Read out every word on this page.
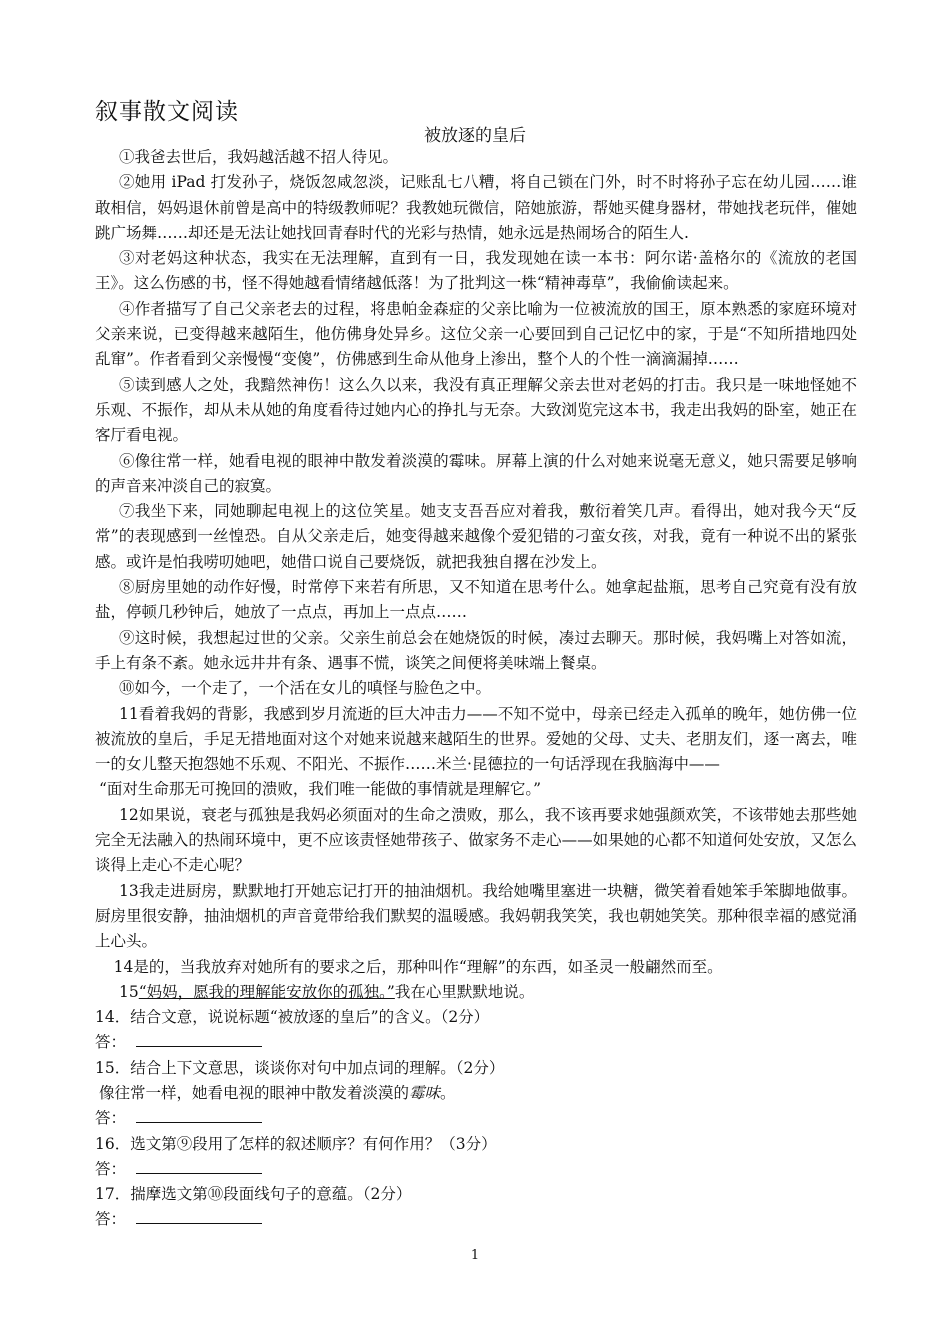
叙事散文阅读
被放逐的皇后

①我爸去世后，我妈越活越不招人待见。

②她用 iPad 打发孙子，烧饭忽咸忽淡，记账乱七八糟，将自己锁在门外，时不时将孙子忘在幼儿园……谁敢相信，妈妈退休前曾是高中的特级教师呢？我教她玩微信，陪她旅游，帮她买健身器材，带她找老玩伴，催她跳广场舞……却还是无法让她找回青春时代的光彩与热情，她永远是热闹场合的陌生人.

③对老妈这种状态，我实在无法理解，直到有一日，我发现她在读一本书：阿尔诺·盖格尔的《流放的老国王》。这么伤感的书，怪不得她越看情绪越低落！为了批判这一株“精神毒草”，我偷偷读起来。

④作者描写了自己父亲老去的过程，将患帕金森症的父亲比喻为一位被流放的国王，原本熟悉的家庭环境对父亲来说，已变得越来越陌生，他仿佛身处异乡。这位父亲一心要回到自己记忆中的家，于是“不知所措地四处乱窜”。作者看到父亲慢慢“变傻”，仿佛感到生命从他身上渗出，整个人的个性一滴滴漏掉……

⑤读到感人之处，我黯然神伤！这么久以来，我没有真正理解父亲去世对老妈的打击。我只是一味地怪她不乐观、不振作，却从未从她的角度看待过她内心的挣扎与无奈。大致浏览完这本书，我走出我妈的卧室，她正在客厅看电视。

⑥像往常一样，她看电视的眼神中散发着淡漠的霉味。屏幕上演的什么对她来说毫无意义，她只需要足够响的声音来冲淡自己的寂寞。

⑦我坐下来，同她聊起电视上的这位笑星。她支支吾吾应对着我，敷衍着笑几声。看得出，她对我今天“反常”的表现感到一丝惶恐。自从父亲走后，她变得越来越像个爱犯错的刁蛮女孩，对我，竟有一种说不出的紧张感。或许是怕我唠叨她吧，她借口说自己要烧饭，就把我独自撂在沙发上。

⑧厨房里她的动作好慢，时常停下来若有所思，又不知道在思考什么。她拿起盐瓶，思考自己究竟有没有放盐，停顿几秒钟后，她放了一点点，再加上一点点……

⑨这时候，我想起过世的父亲。父亲生前总会在她烧饭的时候，凑过去聊天。那时候，我妈嘴上对答如流，手上有条不紊。她永远井井有条、遇事不慌，谈笑之间便将美味端上餐桌。

⑩如今，一个走了，一个活在女儿的嗔怪与脸色之中。

11看着我妈的背影，我感到岁月流逝的巨大冲击力——不知不觉中，母亲已经走入孤单的晚年，她仿佛一位被流放的皇后，手足无措地面对这个对她来说越来越陌生的世界。爱她的父母、丈夫、老朋友们，逐一离去，唯一的女儿整天抱怨她不乐观、不阳光、不振作……米兰·昆德拉的一句话浮现在我脑海中——

“面对生命那无可挽回的溃败，我们唯一能做的事情就是理解它。”

12如果说，衰老与孤独是我妈必须面对的生命之溃败，那么，我不该再要求她强颜欢笑，不该带她去那些她完全无法融入的热闹环境中，更不应该责怪她带孩子、做家务不走心——如果她的心都不知道何处安放，又怎么谈得上走心不走心呢？

13我走进厨房，默默地打开她忘记打开的抽油烟机。我给她嘴里塞进一块糖，微笑着看她笨手笨脚地做事。厨房里很安静，抽油烟机的声音竟带给我们默契的温暖感。我妈朝我笑笑，我也朝她笑笑。那种很幸福的感觉涌上心头。

14是的，当我放弃对她所有的要求之后，那种叫作“理解”的东西，如圣灵一般翩然而至。

15“妈妈，愿我的理解能安放你的孤独。”我在心里默默地说。

14．结合文意，说说标题“被放逐的皇后”的含义。（2分）

答：

15．结合上下文意思，谈谈你对句中加点词的理解。（2分）

像往常一样，她看电视的眼神中散发着淡漠的霉味。

答：

16．选文第⑨段用了怎样的叙述顺序？有何作用？（3分）

答：

17．揣摩选文第⑩段面线句子的意蕴。（2分）

答：

1
